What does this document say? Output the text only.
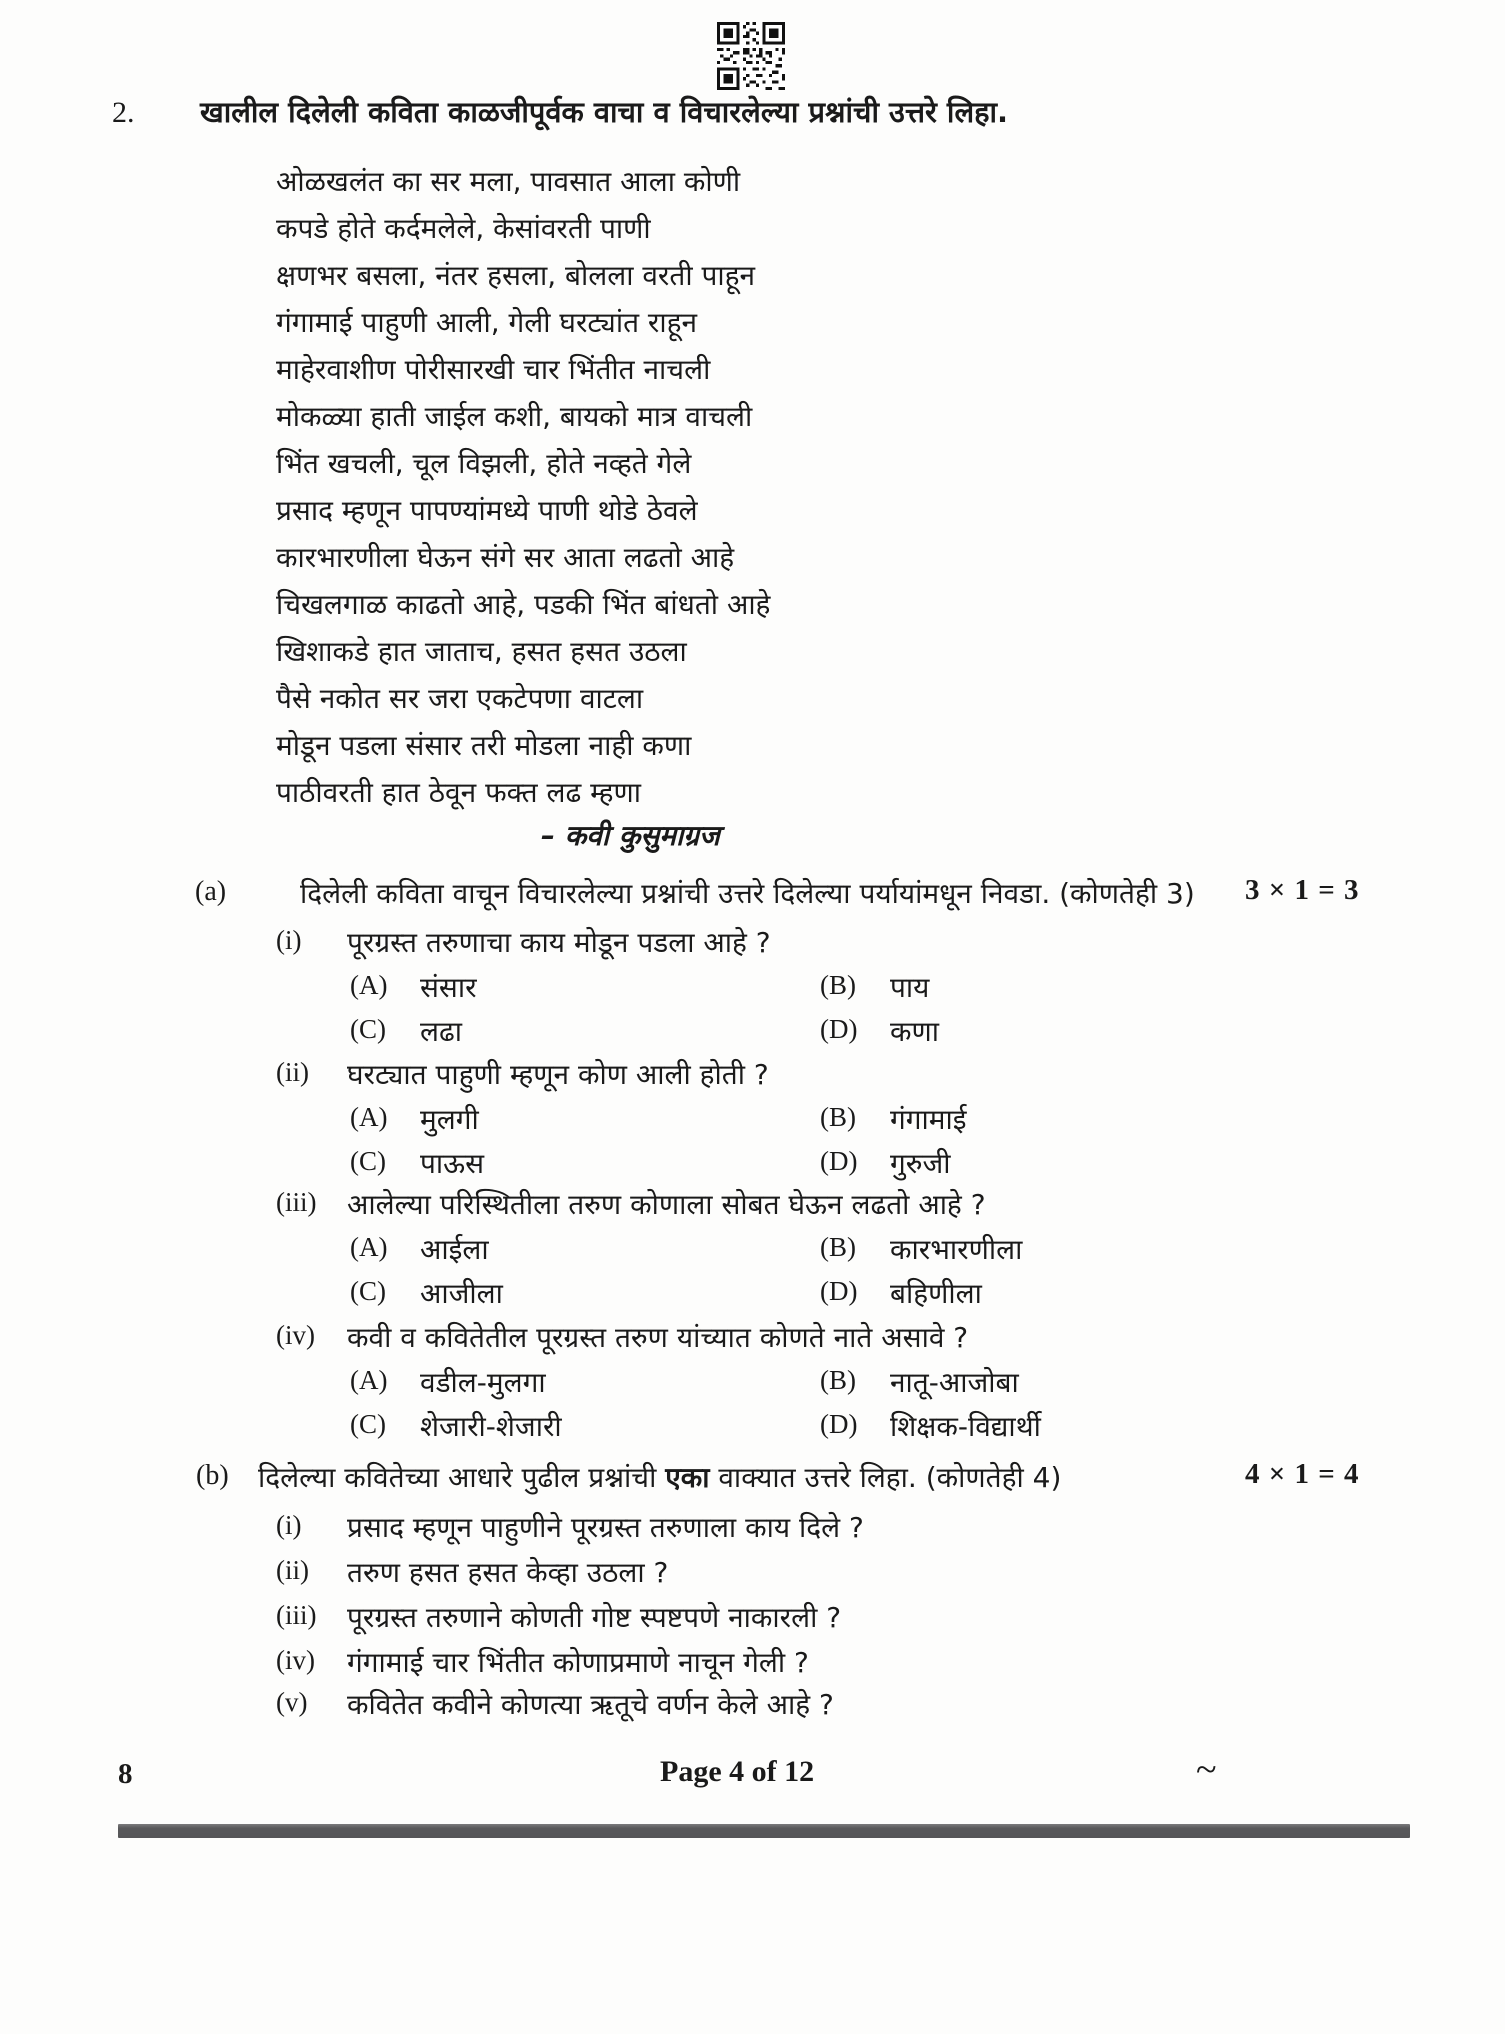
2. खालील दिलेली कविता काळजीपूर्वक वाचा व विचारलेल्या प्रश्नांची उत्तरे लिहा.
ओळखलंत का सर मला, पावसात आला कोणी
कपडे होते कर्दमलेले, केसांवरती पाणी
क्षणभर बसला, नंतर हसला, बोलला वरती पाहून
गंगामाई पाहुणी आली, गेली घरट्यांत राहून
माहेरवाशीण पोरीसारखी चार भिंतीत नाचली
मोकळ्या हाती जाईल कशी, बायको मात्र वाचली
भिंत खचली, चूल विझली, होते नव्हते गेले
प्रसाद म्हणून पापण्यांमध्ये पाणी थोडे ठेवले
कारभारणीला घेऊन संगे सर आता लढतो आहे
चिखलगाळ काढतो आहे, पडकी भिंत बांधतो आहे
खिशाकडे हात जाताच, हसत हसत उठला
पैसे नकोत सर जरा एकटेपणा वाटला
मोडून पडला संसार तरी मोडला नाही कणा
पाठीवरती हात ठेवून फक्त लढ म्हणा
– कवी कुसुमाग्रज
(a)	दिलेली कविता वाचून विचारलेल्या प्रश्नांची उत्तरे दिलेल्या पर्यायांमधून निवडा. (कोणतेही 3) 3 × 1 = 3
(i) पूरग्रस्त तरुणाचा काय मोडून पडला आहे ?
(A) संसार	(B) पाय
(C) लढा	(D) कणा
(ii) घरट्यात पाहुणी म्हणून कोण आली होती ?
(A) मुलगी	(B) गंगामाई
(C) पाऊस	(D) गुरुजी
(iii) आलेल्या परिस्थितीला तरुण कोणाला सोबत घेऊन लढतो आहे ?
(A) आईला	(B) कारभारणीला
(C) आजीला	(D) बहिणीला
(iv) कवी व कवितेतील पूरग्रस्त तरुण यांच्यात कोणते नाते असावे ?
(A) वडील-मुलगा	(B) नातू-आजोबा
(C) शेजारी-शेजारी	(D) शिक्षक-विद्यार्थी
(b) दिलेल्या कवितेच्या आधारे पुढील प्रश्नांची एका वाक्यात उत्तरे लिहा. (कोणतेही 4)	4 × 1 = 4
(i) प्रसाद म्हणून पाहुणीने पूरग्रस्त तरुणाला काय दिले ?
(ii) तरुण हसत हसत केव्हा उठला ?
(iii) पूरग्रस्त तरुणाने कोणती गोष्ट स्पष्टपणे नाकारली ?
(iv) गंगामाई चार भिंतीत कोणाप्रमाणे नाचून गेली ?
(v) कवितेत कवीने कोणत्या ऋतूचे वर्णन केले आहे ?
8	Page 4 of 12	~
